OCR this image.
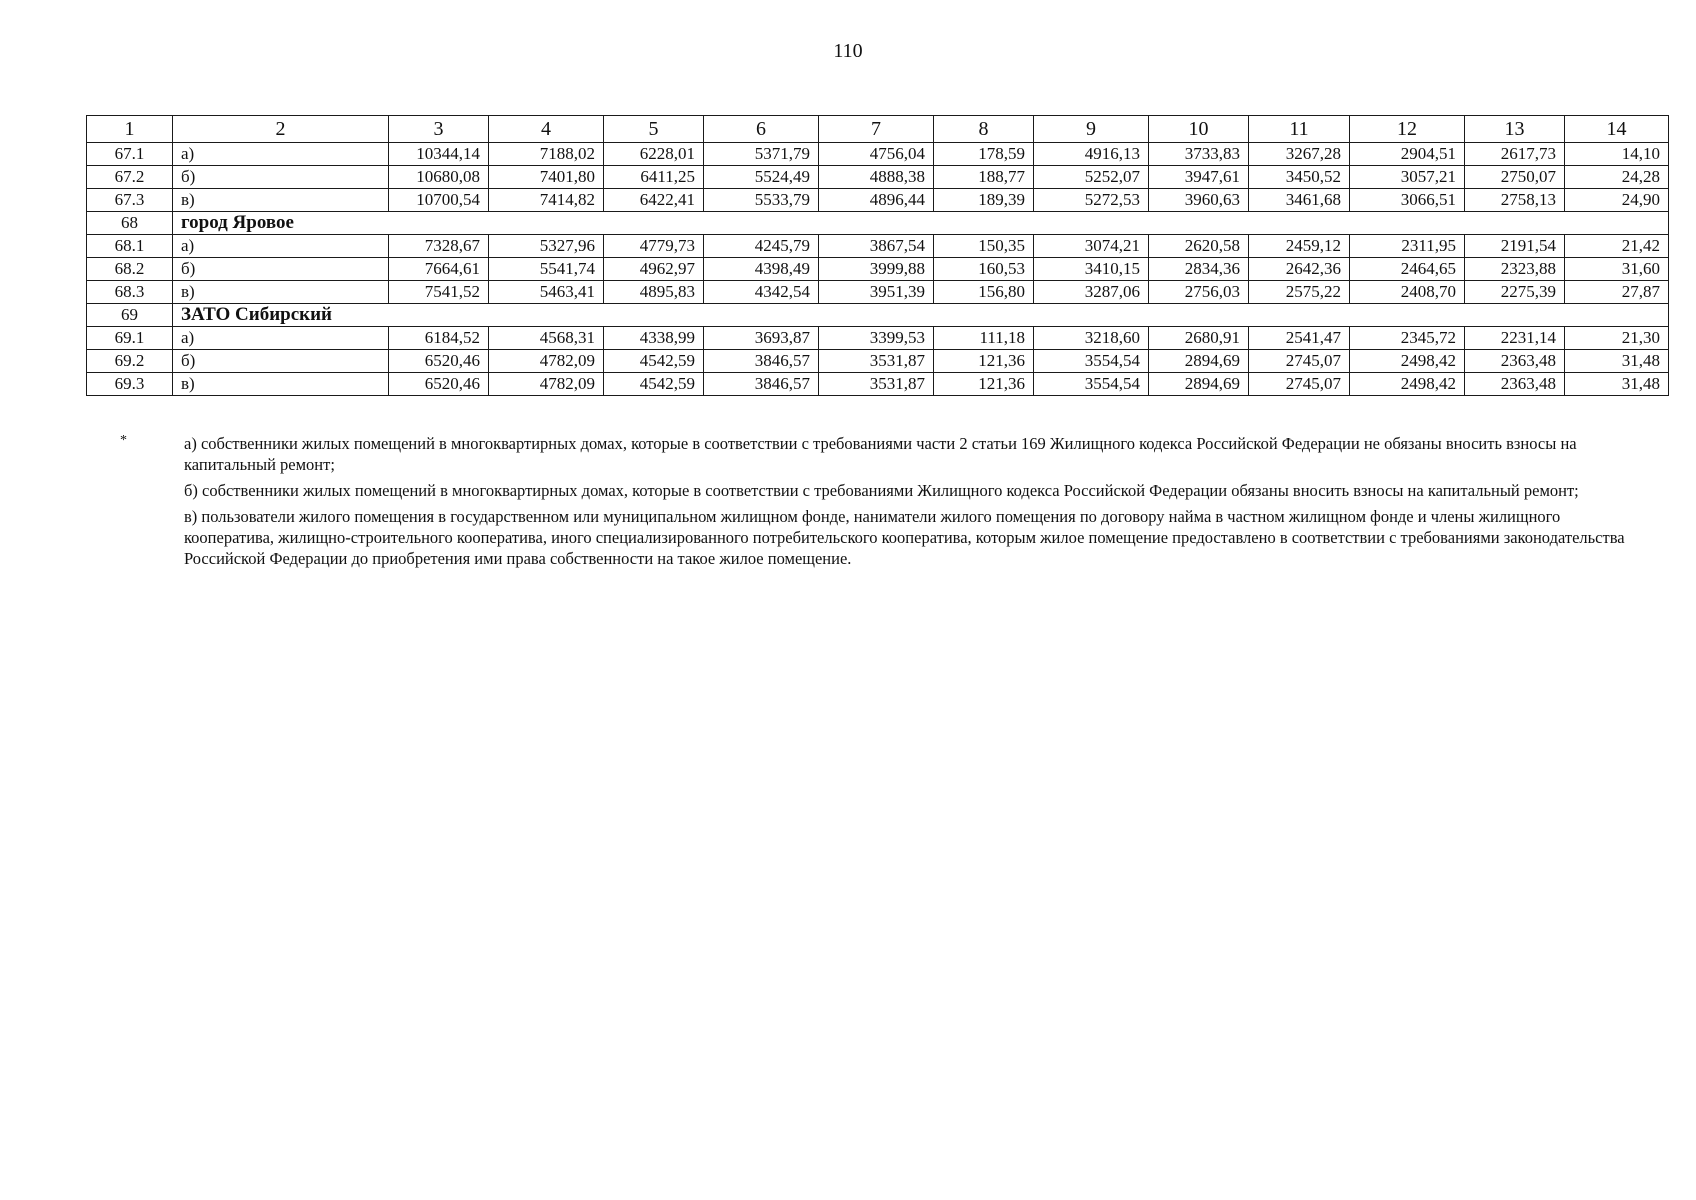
110
1	2	3	4	5	6	7	8	9	10	11	12	13	14
67.1	а)	10344,14	7188,02	6228,01	5371,79	4756,04	178,59	4916,13	3733,83	3267,28	2904,51	2617,73	14,10
67.2	б)	10680,08	7401,80	6411,25	5524,49	4888,38	188,77	5252,07	3947,61	3450,52	3057,21	2750,07	24,28
67.3	в)	10700,54	7414,82	6422,41	5533,79	4896,44	189,39	5272,53	3960,63	3461,68	3066,51	2758,13	24,90
68	город Яровое												
68.1	а)	7328,67	5327,96	4779,73	4245,79	3867,54	150,35	3074,21	2620,58	2459,12	2311,95	2191,54	21,42
68.2	б)	7664,61	5541,74	4962,97	4398,49	3999,88	160,53	3410,15	2834,36	2642,36	2464,65	2323,88	31,60
68.3	в)	7541,52	5463,41	4895,83	4342,54	3951,39	156,80	3287,06	2756,03	2575,22	2408,70	2275,39	27,87
69	ЗАТО Сибирский												
69.1	а)	6184,52	4568,31	4338,99	3693,87	3399,53	111,18	3218,60	2680,91	2541,47	2345,72	2231,14	21,30
69.2	б)	6520,46	4782,09	4542,59	3846,57	3531,87	121,36	3554,54	2894,69	2745,07	2498,42	2363,48	31,48
69.3	в)	6520,46	4782,09	4542,59	3846,57	3531,87	121,36	3554,54	2894,69	2745,07	2498,42	2363,48	31,48
*	а) собственники жилых помещений в многоквартирных домах, которые в соответствии с требованиями части 2 статьи 169 Жилищного кодекса Российской Федерации не обязаны вносить взносы на капитальный ремонт;
б) собственники жилых помещений в многоквартирных домах, которые в соответствии с требованиями Жилищного кодекса Российской Федерации обязаны вносить взносы на капитальный ремонт;
в) пользователи жилого помещения в государственном или муниципальном жилищном фонде, наниматели жилого помещения по договору найма в частном жилищном фонде и члены жилищного кооператива, жилищно-строительного кооператива, иного специализированного потребительского кооператива, которым жилое помещение предоставлено в соответствии с требованиями законодательства Российской Федерации до приобретения ими права собственности на такое жилое помещение.
